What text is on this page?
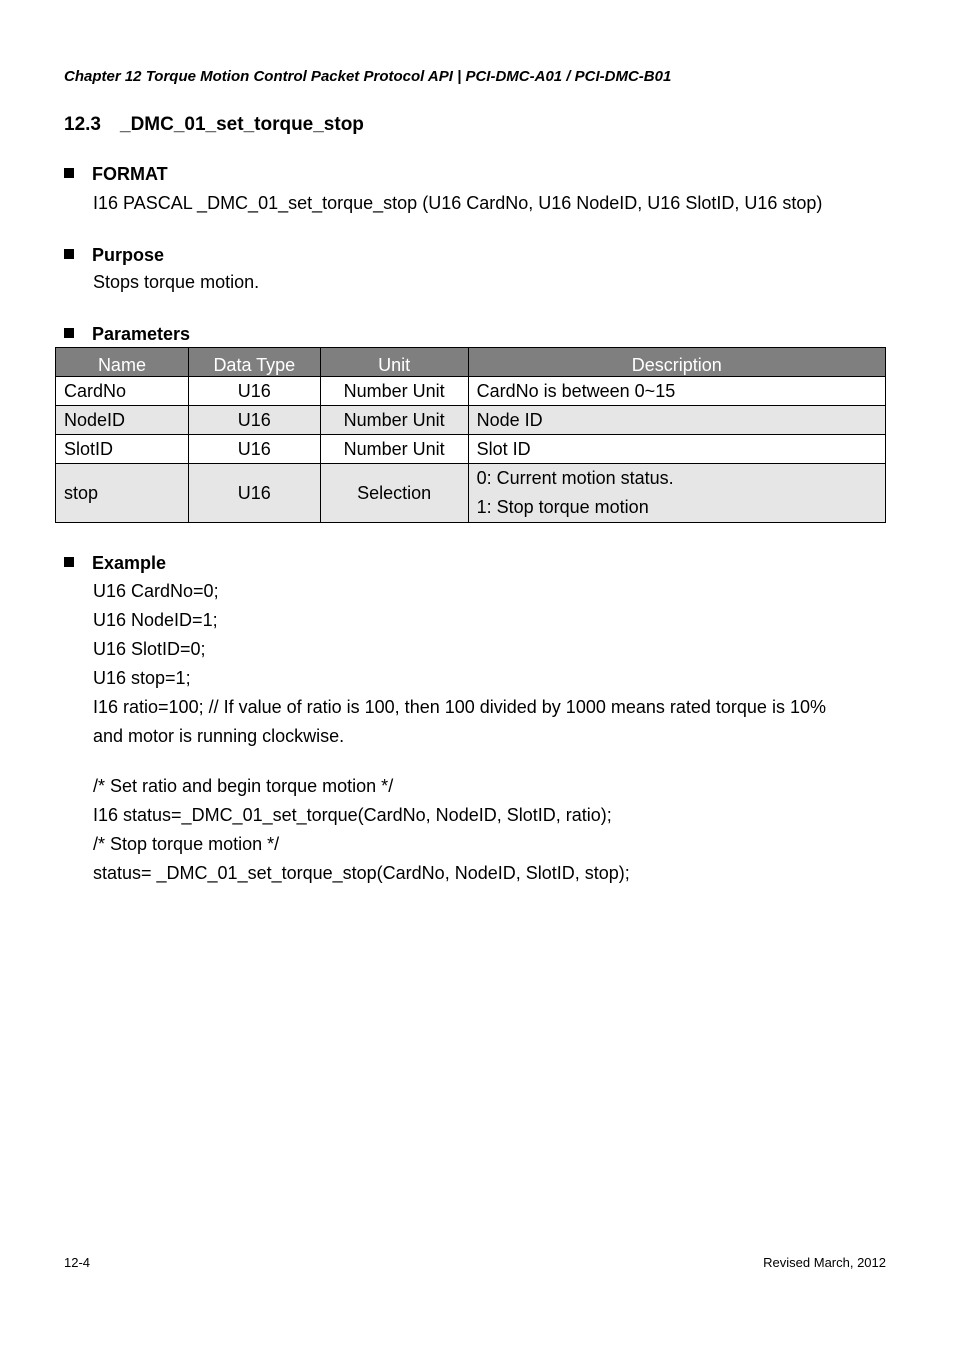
Chapter 12 Torque Motion Control Packet Protocol API | PCI-DMC-A01 / PCI-DMC-B01
12.3 _DMC_01_set_torque_stop
FORMAT
I16 PASCAL _DMC_01_set_torque_stop (U16 CardNo, U16 NodeID, U16 SlotID, U16 stop)
Purpose
Stops torque motion.
Parameters
Name	Data Type	Unit	Description
CardNo	U16	Number Unit	CardNo is between 0~15
NodeID	U16	Number Unit	Node ID
SlotID	U16	Number Unit	Slot ID
stop	U16	Selection	0: Current motion status.
1: Stop torque motion
Example
U16 CardNo=0;
U16 NodeID=1;
U16 SlotID=0;
U16 stop=1;
I16 ratio=100; // If value of ratio is 100, then 100 divided by 1000 means rated torque is 10%
and motor is running clockwise.
/* Set ratio and begin torque motion */
I16 status=_DMC_01_set_torque(CardNo, NodeID, SlotID, ratio);
/* Stop torque motion */
status= _DMC_01_set_torque_stop(CardNo, NodeID, SlotID, stop);
12-4	Revised March, 2012
